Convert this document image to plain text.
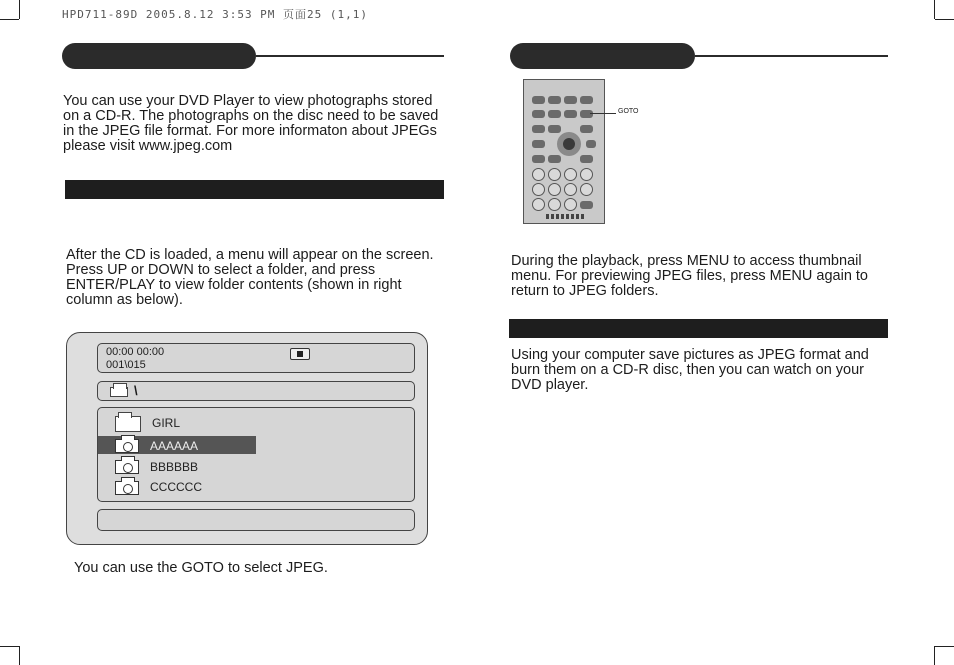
HPD711-89D 2005.8.12 3:53 PM 页面25 (1,1)
You can use your DVD Player to view photographs stored on a CD-R. The photographs on the disc need to be saved in the JPEG file format. For more informaton about JPEGs please visit www.jpeg.com
After the CD is loaded, a menu will appear on the screen.
Press UP or DOWN to select a folder, and press ENTER/PLAY to view folder contents (shown in right column as below).
00:00 00:00
001\015
\
GIRL
AAAAAA
BBBBBB
CCCCCC
You can use the GOTO to select JPEG.
GOTO
During the playback, press MENU to access thumbnail menu. For previewing JPEG files, press MENU again to return to JPEG folders.
Using your computer save pictures as JPEG format and burn them on a CD-R disc, then you can watch on your DVD player.
